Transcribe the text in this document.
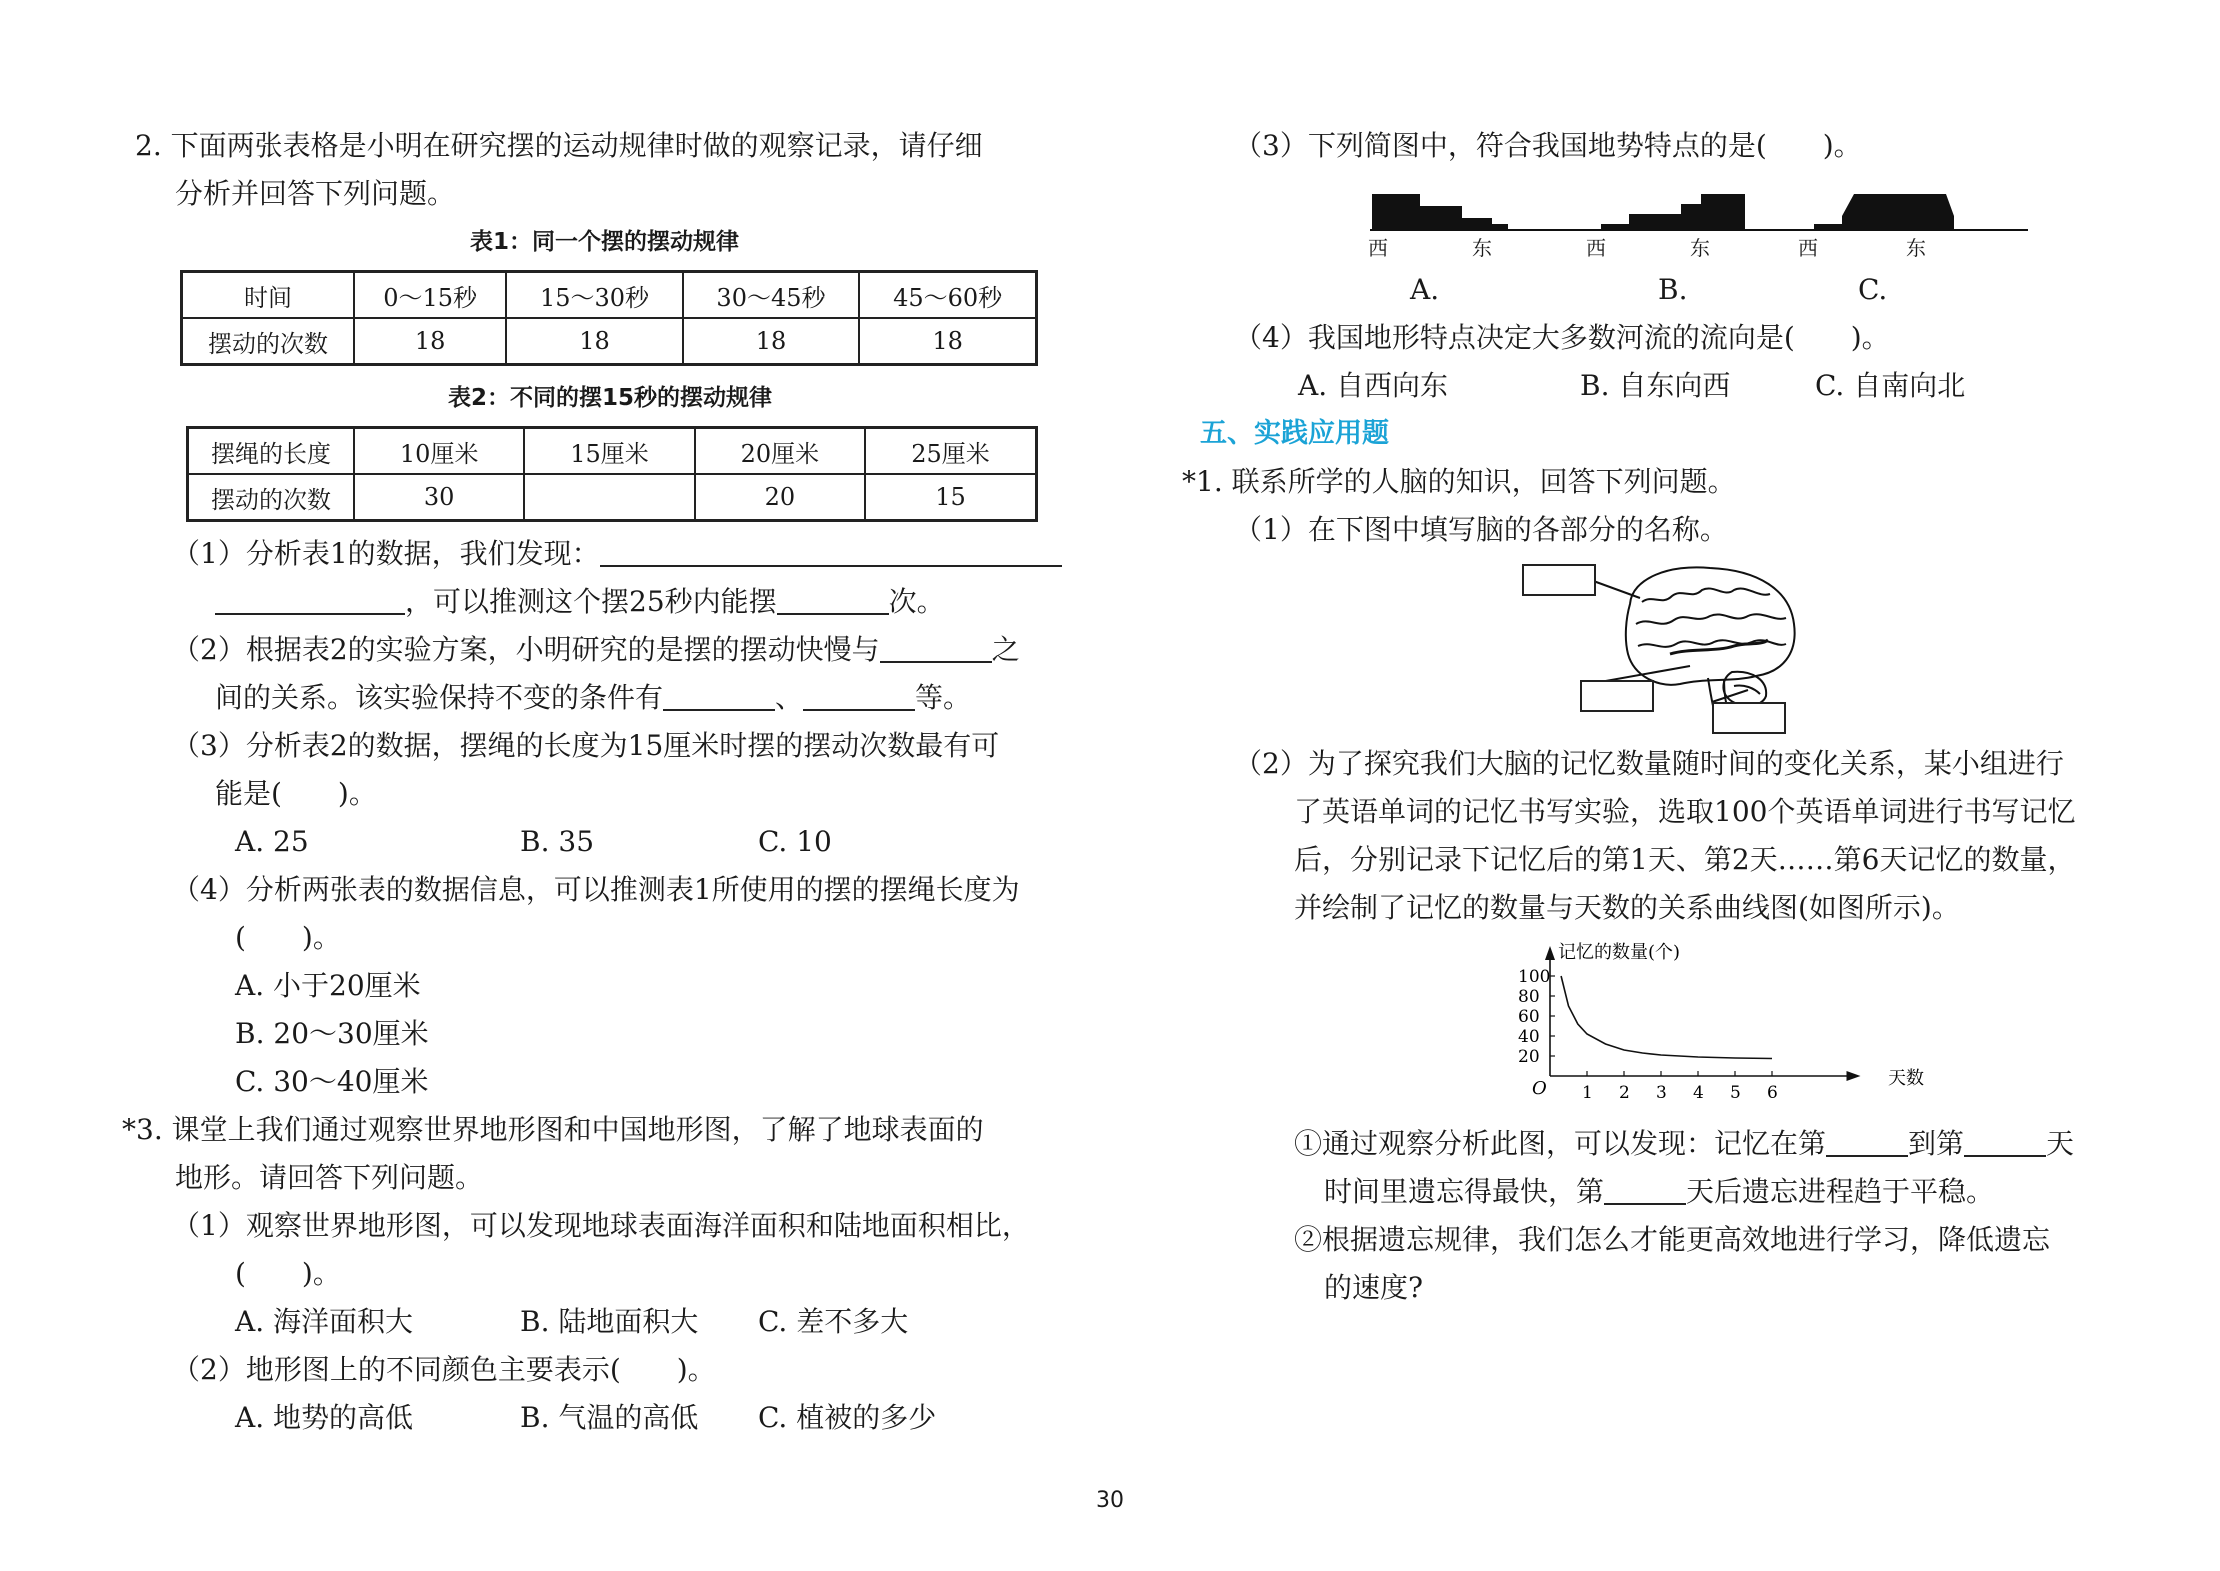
2. 下面两张表格是小明在研究摆的运动规律时做的观察记录，请仔细
分析并回答下列问题。
表1：同一个摆的摆动规律
时间	0～15秒	15～30秒	30～45秒	45～60秒
摆动的次数	18	18	18	18
表2：不同的摆15秒的摆动规律
摆绳的长度	10厘米	15厘米	20厘米	25厘米
摆动的次数	30		20	15
（1）分析表1的数据，我们发现：
，可以推测这个摆25秒内能摆	次。
（2）根据表2的实验方案，小明研究的是摆的摆动快慢与	之
间的关系。该实验保持不变的条件有	、	等。
（3）分析表2的数据，摆绳的长度为15厘米时摆的摆动次数最有可
能是(　　)。
A. 25	B. 35	C. 10
（4）分析两张表的数据信息，可以推测表1所使用的摆的摆绳长度为
(　　)。
A. 小于20厘米
B. 20～30厘米
C. 30～40厘米
*3. 课堂上我们通过观察世界地形图和中国地形图，了解了地球表面的
地形。请回答下列问题。
（1）观察世界地形图，可以发现地球表面海洋面积和陆地面积相比，
(　　)。
A. 海洋面积大	B. 陆地面积大 C. 差不多大
（2）地形图上的不同颜色主要表示(　　)。
A. 地势的高低	B. 气温的高低 C. 植被的多少
（3）下列简图中，符合我国地势特点的是(　　)。
西	东	西	东	西	东
A.	B.	C.
（4）我国地形特点决定大多数河流的流向是(　　)。
A. 自西向东	B. 自东向西	C. 自南向北
五、实践应用题
*1. 联系所学的人脑的知识，回答下列问题。
（1）在下图中填写脑的各部分的名称。
（2）为了探究我们大脑的记忆数量随时间的变化关系，某小组进行
了英语单词的记忆书写实验，选取100个英语单词进行书写记忆
后，分别记录下记忆后的第1天、第2天……第6天记忆的数量，
并绘制了记忆的数量与天数的关系曲线图(如图所示)。
1 2 3 4 5 6
20
40
60
80
100
记忆的数量(个)
天数
O
①通过观察分析此图，可以发现：记忆在第	到第	天
时间里遗忘得最快，第	天后遗忘进程趋于平稳。
②根据遗忘规律，我们怎么才能更高效地进行学习，降低遗忘
的速度?
30
